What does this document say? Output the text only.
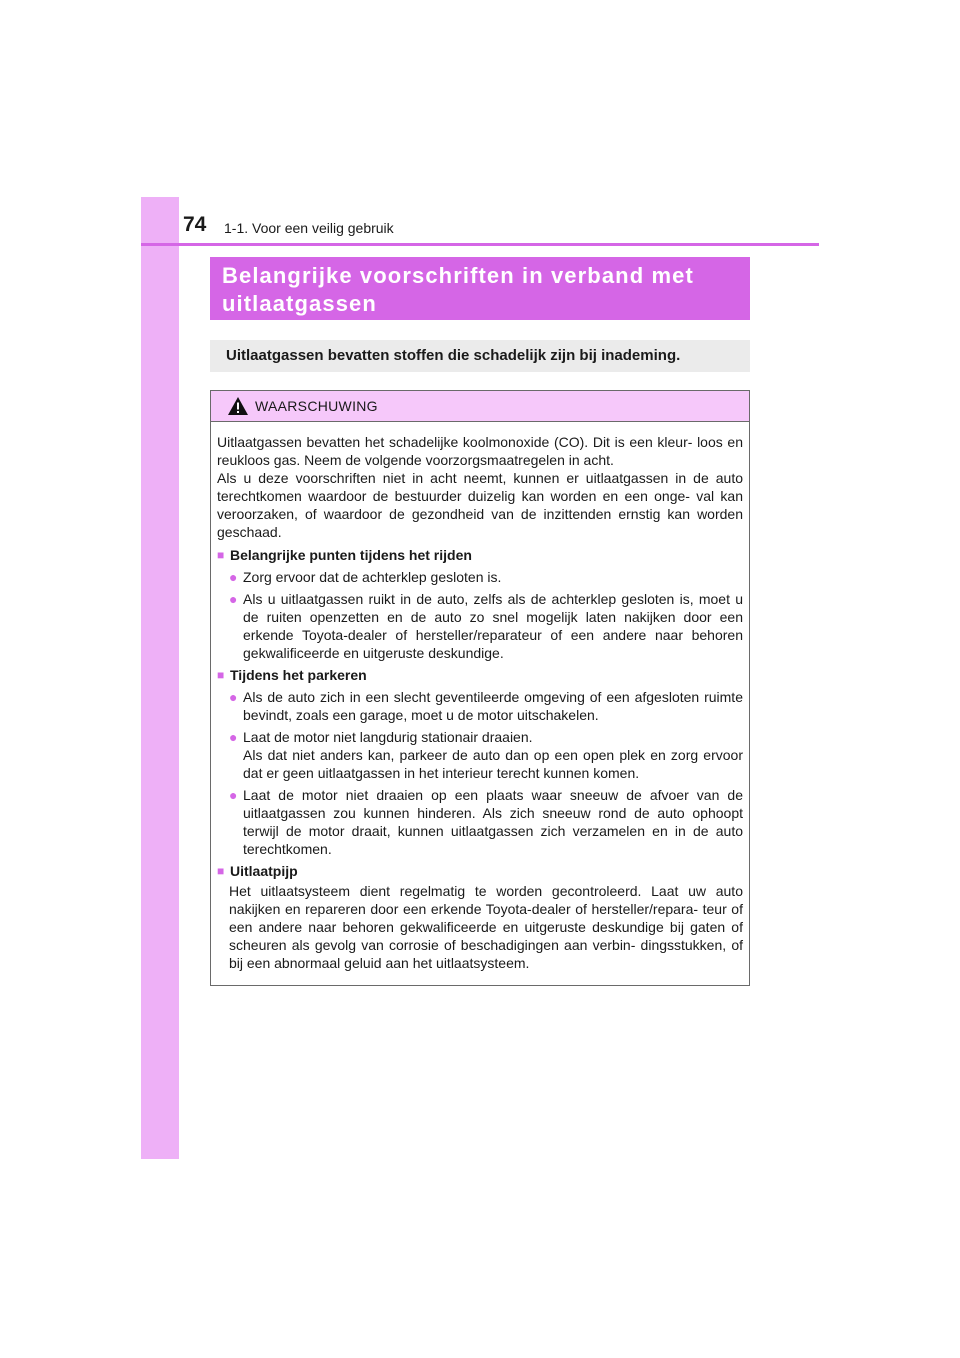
74 1-1. Voor een veilig gebruik
Belangrijke voorschriften in verband met
uitlaatgassen
Uitlaatgassen bevatten stoffen die schadelijk zijn bij inademing.
WAARSCHUWING

Uitlaatgassen bevatten het schadelijke koolmonoxide (CO). Dit is een kleur- loos en reukloos gas. Neem de volgende voorzorgsmaatregelen in acht.

Als u deze voorschriften niet in acht neemt, kunnen er uitlaatgassen in de auto terechtkomen waardoor de bestuurder duizelig kan worden en een onge- val kan veroorzaken, of waardoor de gezondheid van de inzittenden ernstig kan worden geschaad.

■ Belangrijke punten tijdens het rijden
● Zorg ervoor dat de achterklep gesloten is.
● Als u uitlaatgassen ruikt in de auto, zelfs als de achterklep gesloten is, moet u de ruiten openzetten en de auto zo snel mogelijk laten nakijken door een erkende Toyota-dealer of hersteller/reparateur of een andere naar behoren gekwalificeerde en uitgeruste deskundige.
■ Tijdens het parkeren
● Als de auto zich in een slecht geventileerde omgeving of een afgesloten ruimte bevindt, zoals een garage, moet u de motor uitschakelen.
● Laat de motor niet langdurig stationair draaien.
Als dat niet anders kan, parkeer de auto dan op een open plek en zorg ervoor dat er geen uitlaatgassen in het interieur terecht kunnen komen.
● Laat de motor niet draaien op een plaats waar sneeuw de afvoer van de uitlaatgassen zou kunnen hinderen. Als zich sneeuw rond de auto ophoopt terwijl de motor draait, kunnen uitlaatgassen zich verzamelen en in de auto terechtkomen.
■ Uitlaatpijp
Het uitlaatsysteem dient regelmatig te worden gecontroleerd. Laat uw auto nakijken en repareren door een erkende Toyota-dealer of hersteller/repara- teur of een andere naar behoren gekwalificeerde en uitgeruste deskundige bij gaten of scheuren als gevolg van corrosie of beschadigingen aan verbin- dingsstukken, of bij een abnormaal geluid aan het uitlaatsysteem.
